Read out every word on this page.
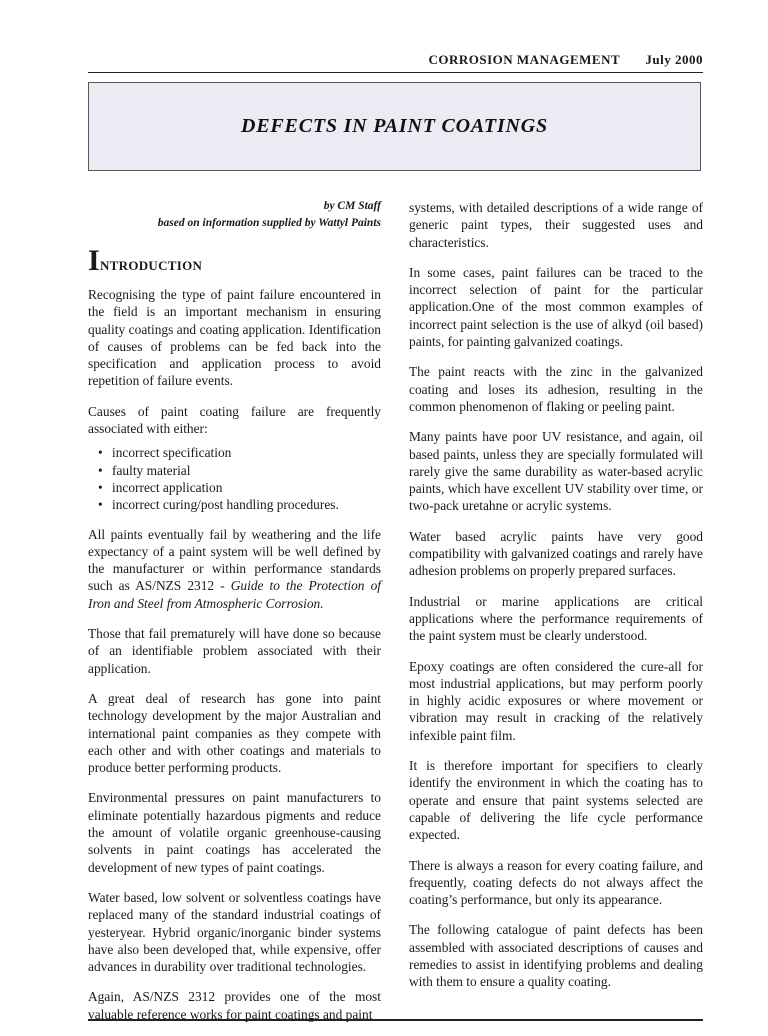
CORROSION MANAGEMENT July 2000
DEFECTS IN PAINT COATINGS
by CM Staff
based on information supplied by Wattyl Paints
INTRODUCTION

Recognising the type of paint failure encountered in the field is an important mechanism in ensuring quality coatings and coating application. Identification of causes of problems can be fed back into the specification and application process to avoid repetition of failure events.

Causes of paint coating failure are frequently associated with either:

• incorrect specification
• faulty material
• incorrect application
• incorrect curing/post handling procedures.

All paints eventually fail by weathering and the life expectancy of a paint system will be well defined by the manufacturer or within performance standards such as AS/NZS 2312 - Guide to the Protection of Iron and Steel from Atmospheric Corrosion.

Those that fail prematurely will have done so because of an identifiable problem associated with their application.

A great deal of research has gone into paint technology development by the major Australian and international paint companies as they compete with each other and with other coatings and materials to produce better performing products.

Environmental pressures on paint manufacturers to eliminate potentially hazardous pigments and reduce the amount of volatile organic greenhouse-causing solvents in paint coatings has accelerated the development of new types of paint coatings.

Water based, low solvent or solventless coatings have replaced many of the standard industrial coatings of yesteryear. Hybrid organic/inorganic binder systems have also been developed that, while expensive, offer advances in durability over traditional technologies.

Again, AS/NZS 2312 provides one of the most valuable reference works for paint coatings and paint

systems, with detailed descriptions of a wide range of generic paint types, their suggested uses and characteristics.

In some cases, paint failures can be traced to the incorrect selection of paint for the particular application.One of the most common examples of incorrect paint selection is the use of alkyd (oil based) paints, for painting galvanized coatings.

The paint reacts with the zinc in the galvanized coating and loses its adhesion, resulting in the common phenomenon of flaking or peeling paint.

Many paints have poor UV resistance, and again, oil based paints, unless they are specially formulated will rarely give the same durability as water-based acrylic paints, which have excellent UV stability over time, or two-pack uretahne or acrylic systems.

Water based acrylic paints have very good compatibility with galvanized coatings and rarely have adhesion problems on properly prepared surfaces.

Industrial or marine applications are critical applications where the performance requirements of the paint system must be clearly understood.

Epoxy coatings are often considered the cure-all for most industrial applications, but may perform poorly in highly acidic exposures or where movement or vibration may result in cracking of the relatively infexible paint film.

It is therefore important for specifiers to clearly identify the environment in which the coating has to operate and ensure that paint systems selected are capable of delivering the life cycle performance expected.

There is always a reason for every coating failure, and frequently, coating defects do not always affect the coating’s performance, but only its appearance.

The following catalogue of paint defects has been assembled with associated descriptions of causes and remedies to assist in identifying problems and dealing with them to ensure a quality coating.
